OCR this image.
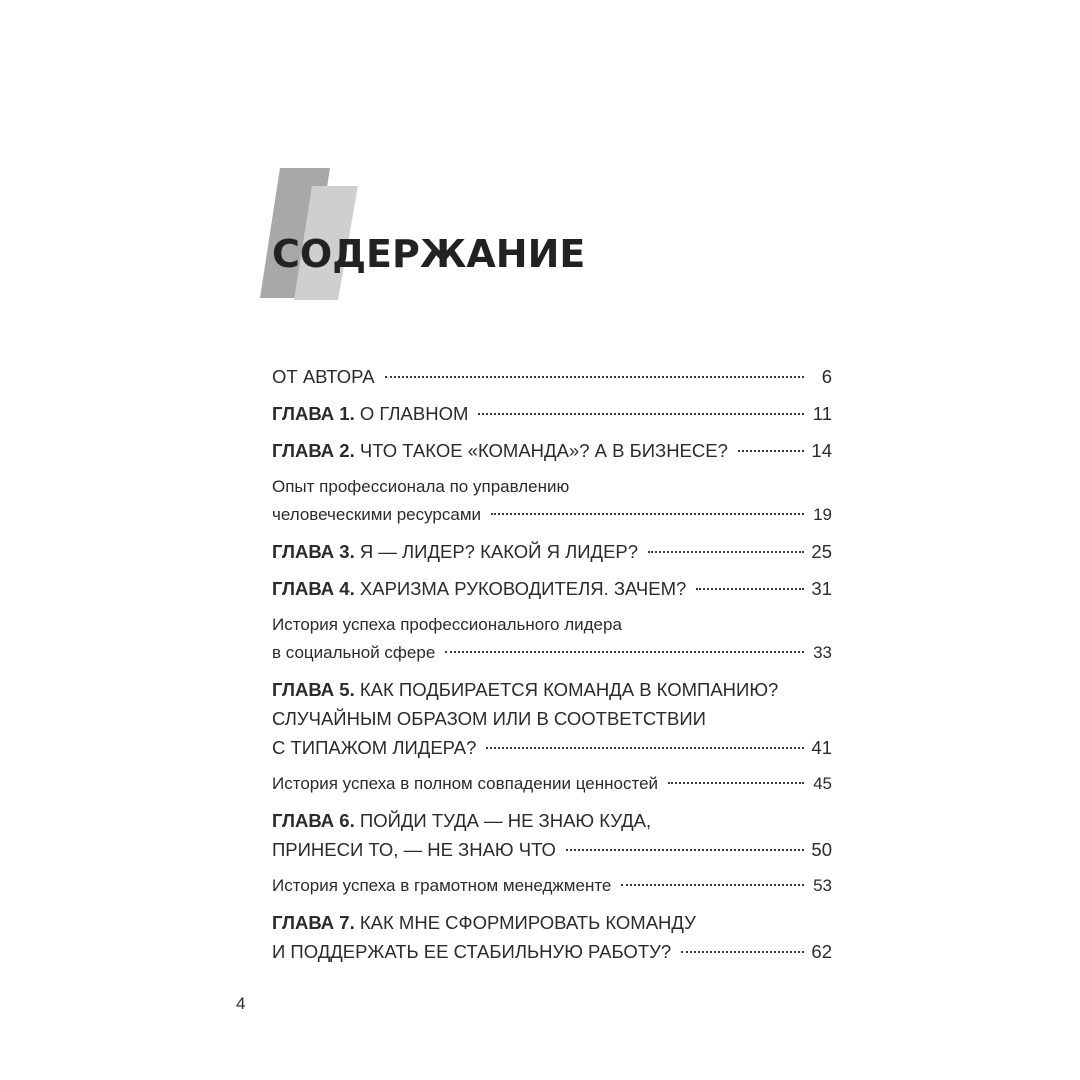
СОДЕРЖАНИЕ
ОТ АВТОРА	6
ГЛАВА 1. О ГЛАВНОМ	11
ГЛАВА 2. ЧТО ТАКОЕ «КОМАНДА»? А В БИЗНЕСЕ?	14
Опыт профессионала по управлению
человеческими ресурсами	19
ГЛАВА 3. Я — ЛИДЕР? КАКОЙ Я ЛИДЕР?	25
ГЛАВА 4. ХАРИЗМА РУКОВОДИТЕЛЯ. ЗАЧЕМ?	31
История успеха профессионального лидера
в социальной сфере	33
ГЛАВА 5. КАК ПОДБИРАЕТСЯ КОМАНДА В КОМПАНИЮ?
СЛУЧАЙНЫМ ОБРАЗОМ ИЛИ В СООТВЕТСТВИИ
С ТИПАЖОМ ЛИДЕРА?	41
История успеха в полном совпадении ценностей	45
ГЛАВА 6. ПОЙДИ ТУДА — НЕ ЗНАЮ КУДА,
ПРИНЕСИ ТО, — НЕ ЗНАЮ ЧТО	50
История успеха в грамотном менеджменте	53
ГЛАВА 7. КАК МНЕ СФОРМИРОВАТЬ КОМАНДУ
И ПОДДЕРЖАТЬ ЕЕ СТАБИЛЬНУЮ РАБОТУ?	62
4
